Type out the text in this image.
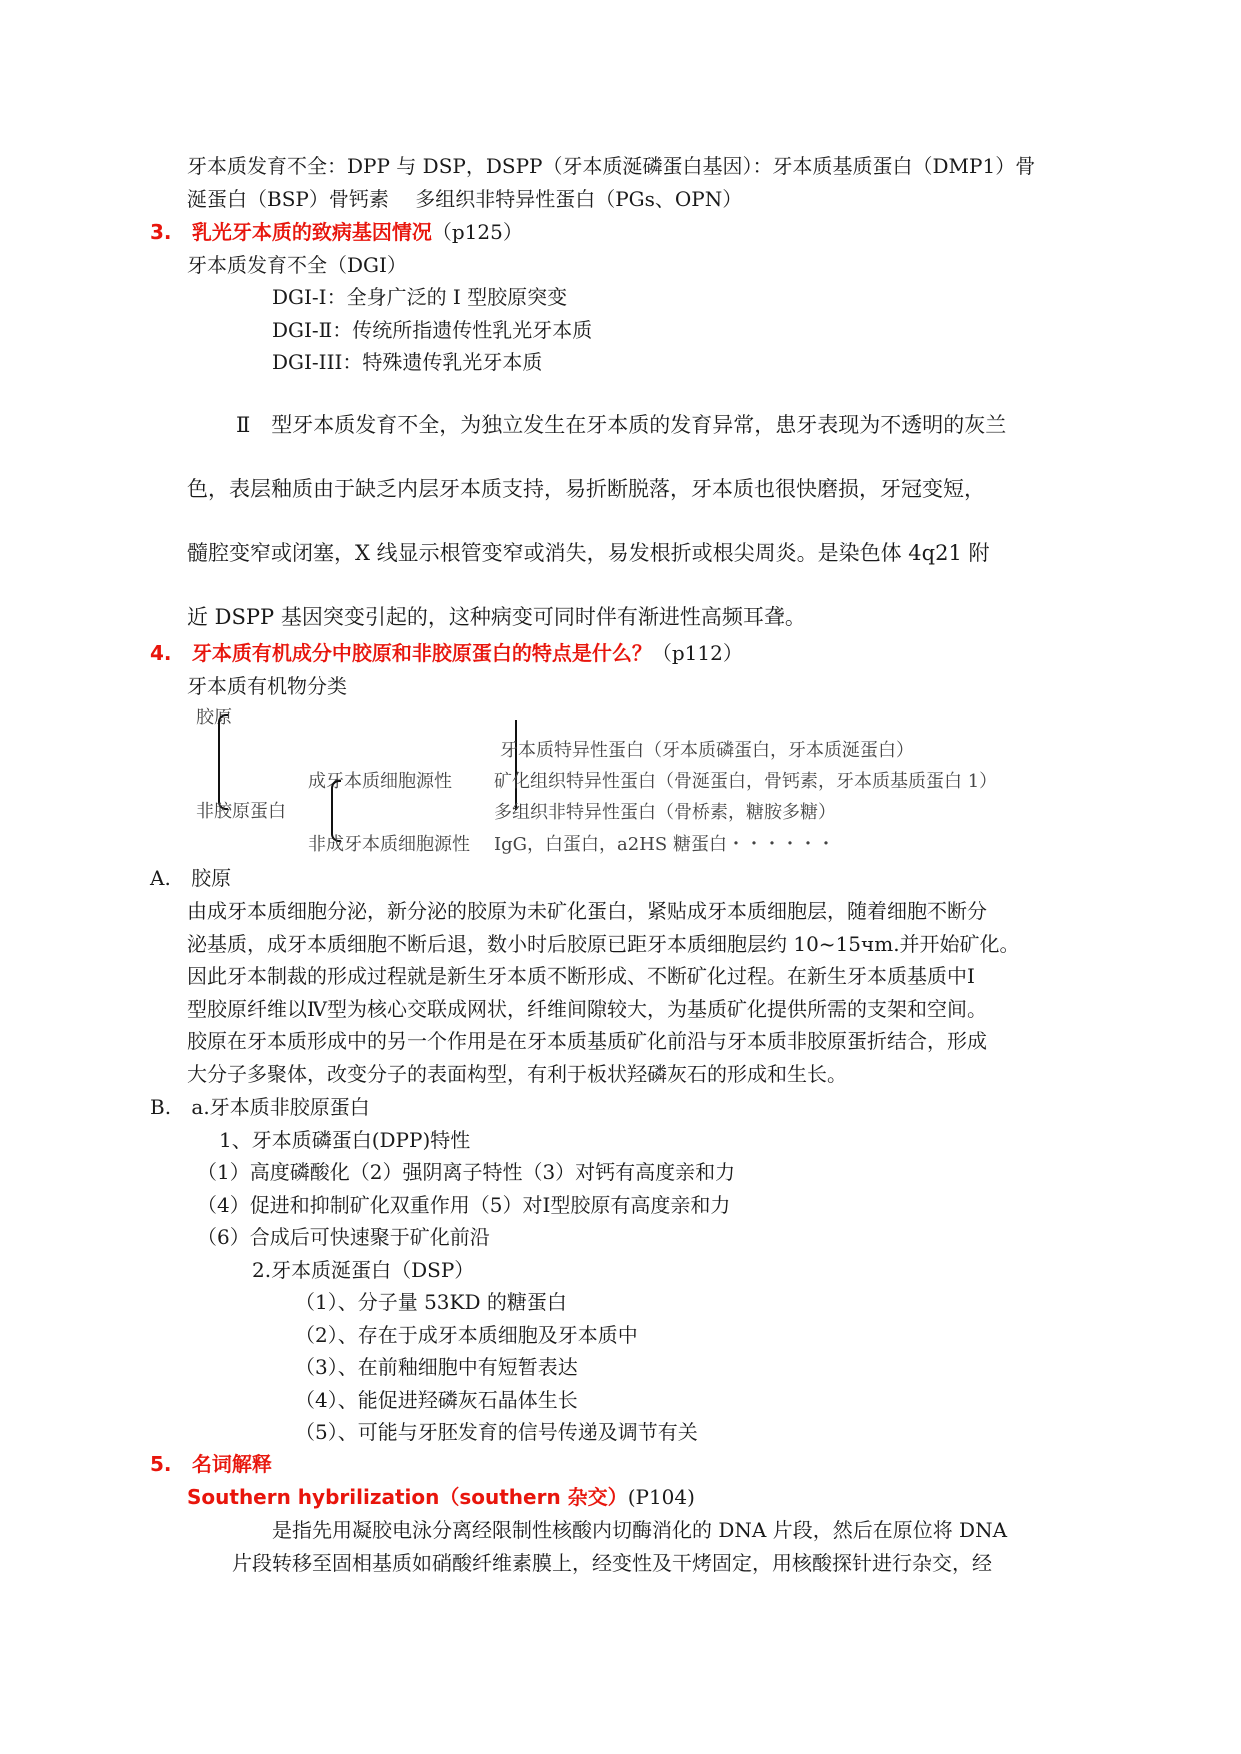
牙本质发育不全：DPP 与 DSP，DSPP（牙本质涎磷蛋白基因）：牙本质基质蛋白（DMP1）骨
涎蛋白（BSP）骨钙素　 多组织非特异性蛋白（PGs、OPN）
3. 乳光牙本质的致病基因情况（p125）
牙本质发育不全（DGI）
DGI-I：全身广泛的 I 型胶原突变
DGI-Ⅱ：传统所指遗传性乳光牙本质
DGI-III：特殊遗传乳光牙本质
Ⅱ　型牙本质发育不全，为独立发生在牙本质的发育异常，患牙表现为不透明的灰兰
色，表层釉质由于缺乏内层牙本质支持，易折断脱落，牙本质也很快磨损，牙冠变短，
髓腔变窄或闭塞，X 线显示根管变窄或消失，易发根折或根尖周炎。是染色体 4q21 附
近 DSPP 基因突变引起的，这种病变可同时伴有渐进性高频耳聋。
4. 牙本质有机成分中胶原和非胶原蛋白的特点是什么？（p112）
牙本质有机物分类
胶原
非胶原蛋白
成牙本质细胞源性
非成牙本质细胞源性
牙本质特异性蛋白（牙本质磷蛋白，牙本质涎蛋白）
矿化组织特异性蛋白（骨涎蛋白，骨钙素，牙本质基质蛋白 1）
多组织非特异性蛋白（骨桥素，糖胺多糖）
IgG，白蛋白，a2HS 糖蛋白・・・・・・
A. 胶原
由成牙本质细胞分泌，新分泌的胶原为未矿化蛋白，紧贴成牙本质细胞层，随着细胞不断分
泌基质，成牙本质细胞不断后退，数小时后胶原已距牙本质细胞层约 10~15чm.并开始矿化。
因此牙本制裁的形成过程就是新生牙本质不断形成、不断矿化过程。在新生牙本质基质中Ⅰ
型胶原纤维以Ⅳ型为核心交联成网状，纤维间隙较大，为基质矿化提供所需的支架和空间。
胶原在牙本质形成中的另一个作用是在牙本质基质矿化前沿与牙本质非胶原蛋折结合，形成
大分子多聚体，改变分子的表面构型，有利于板状羟磷灰石的形成和生长。
B. a.牙本质非胶原蛋白
1、牙本质磷蛋白(DPP)特性
（1）高度磷酸化（2）强阴离子特性（3）对钙有高度亲和力
（4）促进和抑制矿化双重作用（5）对Ⅰ型胶原有高度亲和力
（6）合成后可快速聚于矿化前沿
2.牙本质涎蛋白（DSP）
（1）、分子量 53KD 的糖蛋白
（2）、存在于成牙本质细胞及牙本质中
（3）、在前釉细胞中有短暂表达
（4）、能促进羟磷灰石晶体生长
（5）、可能与牙胚发育的信号传递及调节有关
5. 名词解释
Southern hybrilization（southern 杂交）(P104)
是指先用凝胶电泳分离经限制性核酸内切酶消化的 DNA 片段，然后在原位将 DNA
片段转移至固相基质如硝酸纤维素膜上，经变性及干烤固定，用核酸探针进行杂交，经
